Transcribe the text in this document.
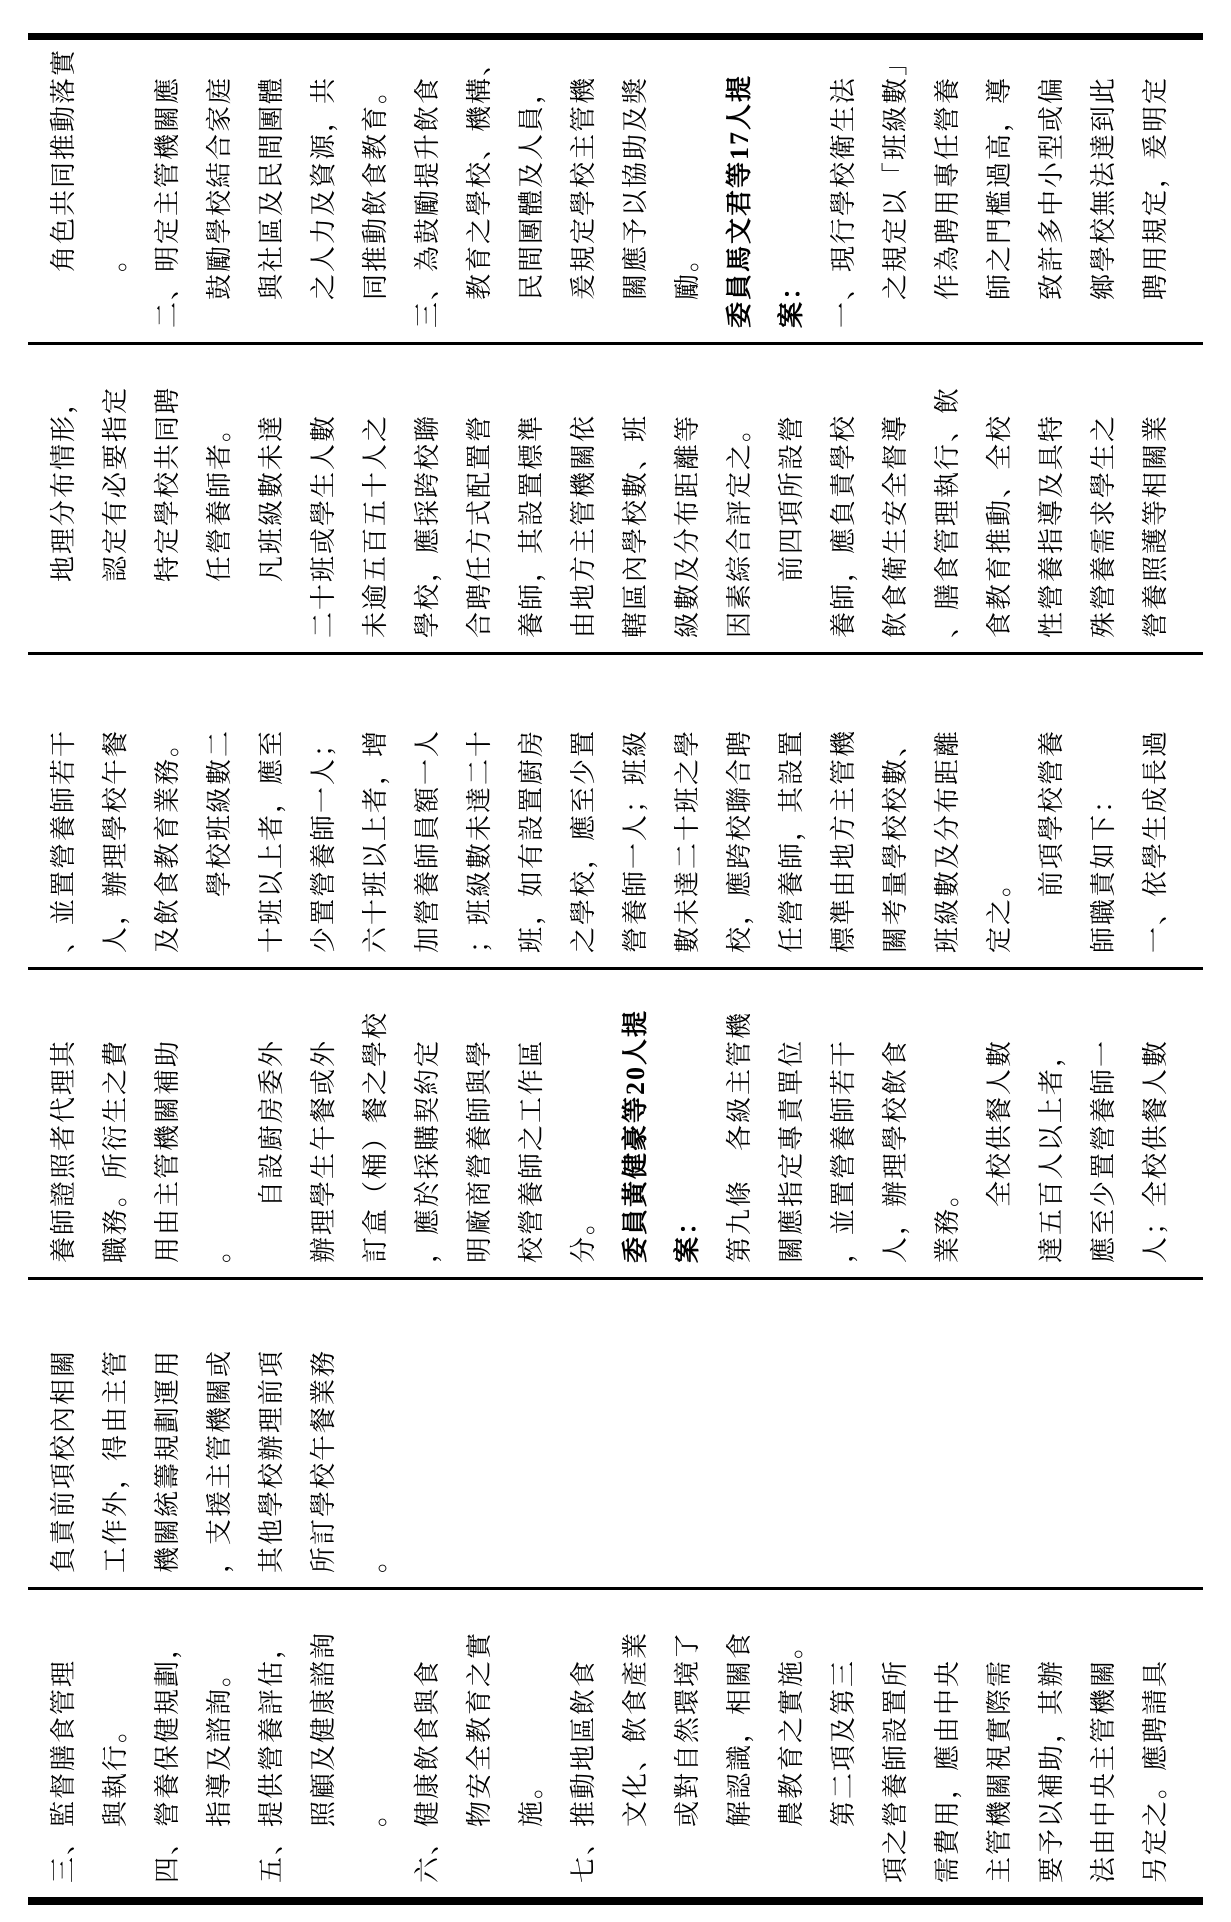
　　角色共同推動落實 　　。 二、明定主管機關應 　鼓勵學校結合家庭 　與社區及民間團體 　之人力及資源，共 　同推動飲食教育。 三、為鼓勵提升飲食 　教育之學校、機構、 　民間團體及人員， 　爰規定學校主管機 　關應予以協助及獎 　勵。 委員馬文君等17人提 案： 一、現行學校衛生法 　之規定以「班級數」 　作為聘用專任營養 　師之門檻過高，導 　致許多中小型或偏 　鄉學校無法達到此 　聘用規定，爰明定
　　地理分布情形， 　　認定有必要指定 　　特定學校共同聘 　　任營養師者。 　　凡班級數未達 二十班或學生人數 未逾五百五十人之 學校，應採跨校聯 合聘任方式配置營 養師，其設置標準 由地方主管機關依 轄區內學校數、班 級數及分布距離等 因素綜合評定之。 　　前四項所設營 養師，應負責學校 飲食衛生安全督導 、膳食管理執行、飲 食教育推動、全校 性營養指導及具特 殊營養需求學生之 營養照護等相關業
、並置營養師若干 人，辦理學校午餐 及飲食教育業務。 　　學校班級數二 十班以上者，應至 少置營養師一人； 六十班以上者，增 加營養師員額一人 ；班級數未達二十 班，如有設置廚房 之學校，應至少置 營養師一人；班級 數未達二十班之學 校，應跨校聯合聘 任營養師，其設置 標準由地方主管機 關考量學校校數、 班級數及分布距離 定之。 　　前項學校營養 師職責如下： 一、依學生成長過
養師證照者代理其 職務。所衍生之費 用由主管機關補助 。 　　自設廚房委外 辦理學生午餐或外 訂盒（桶）餐之學校 ，應於採購契約定 明廠商營養師與學 校營養師之工作區 分。 委員黃健豪等20人提 案： 第九條　各級主管機 關應指定專責單位 ，並置營養師若干 人，辦理學校飲食 業務。 　　全校供餐人數 達五百人以上者， 應至少置營養師一 人；全校供餐人數
負責前項校內相關 工作外，得由主管 機關統籌規劃運用 ，支援主管機關或 其他學校辦理前項 所訂學校午餐業務 。
三、監督膳食管理 　　與執行。 四、營養保健規劃， 　　指導及諮詢。 五、提供營養評估， 　　照顧及健康諮詢 　　。 六、健康飲食與食 　　物安全教育之實 　　施。 七、推動地區飲食 　　文化、飲食產業 　　或對自然環境了 　　解認識，相關食 　　農教育之實施。 　　第二項及第三 項之營養師設置所 需費用，應由中央 主管機關視實際需 要予以補助，其辦 法由中央主管機關 另定之。應聘請具
